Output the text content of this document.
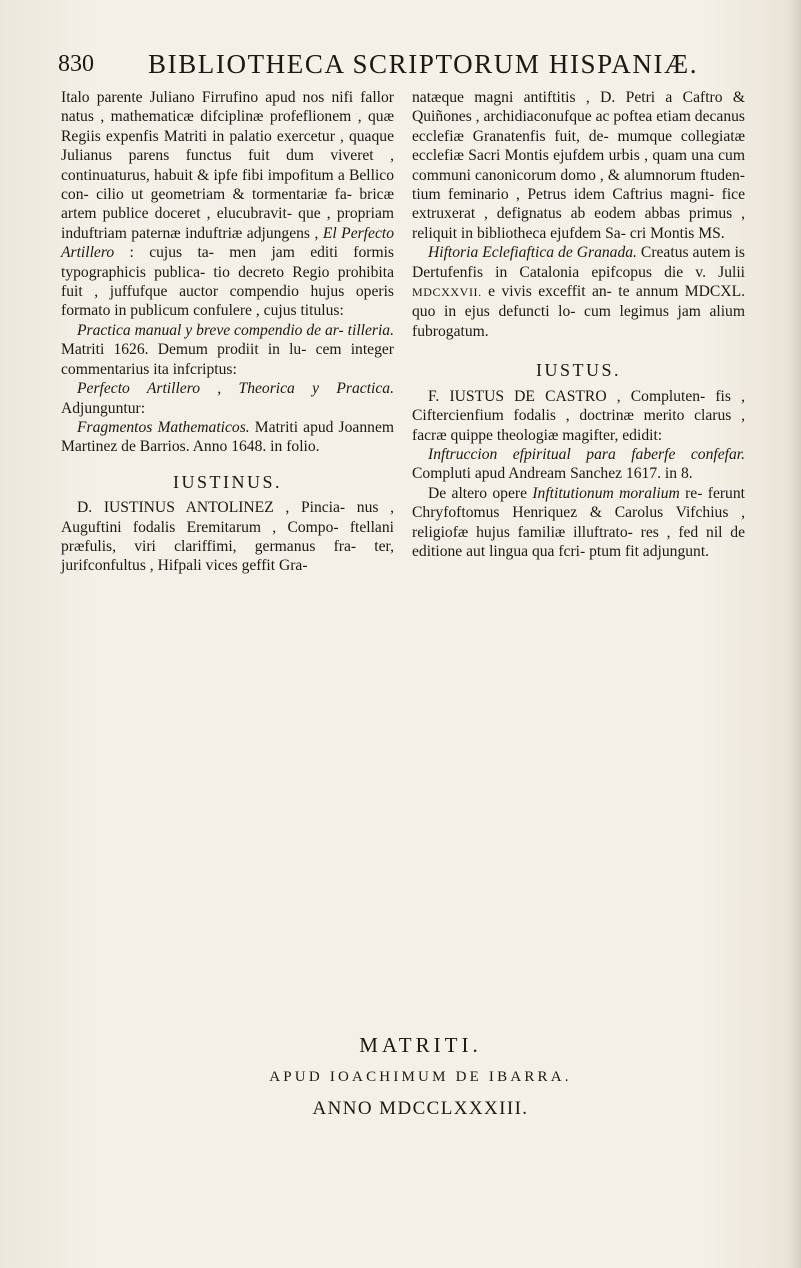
830 BIBLIOTHECA SCRIPTORUM HISPANIÆ.

Italo parente Juliano Firrufino apud nos nifi fallor natus , mathematicæ difciplinæ profeflionem , quæ Regiis expenfis Matriti in palatio exercetur , quaque Julianus parens functus fuit dum viveret , continuaturus, habuit & ipfe fibi impofitum a Bellico con- cilio ut geometriam & tormentariæ fa- bricæ artem publice doceret , elucubravit- que , propriam induftriam paternæ induftriæ adjungens , El Perfecto Artillero : cujus ta- men jam editi formis typographicis publica- tio decreto Regio prohibita fuit , juffufque auctor compendio hujus operis formato in publicum confulere , cujus titulus:

Practica manual y breve compendio de ar- tilleria. Matriti 1626. Demum prodiit in lu- cem integer commentarius ita infcriptus:

Perfecto Artillero , Theorica y Practica. Adjunguntur:

Fragmentos Mathematicos. Matriti apud Joannem Martinez de Barrios. Anno 1648. in folio.

IUSTINUS.

D. IUSTINUS ANTOLINEZ , Pincia- nus , Auguftini fodalis Eremitarum , Compo- ftellani præfulis, viri clariffimi, germanus fra- ter, jurifconfultus , Hifpali vices geffit Gra-

natæque magni antiftitis , D. Petri a Caftro & Quiñones , archidiaconufque ac poftea etiam decanus ecclefiæ Granatenfis fuit, de- mumque collegiatæ ecclefiæ Sacri Montis ejufdem urbis , quam una cum communi canonicorum domo , & alumnorum ftuden- tium feminario , Petrus idem Caftrius magni- fice extruxerat , defignatus ab eodem abbas primus , reliquit in bibliotheca ejufdem Sa- cri Montis MS.

Hiftoria Eclefiaftica de Granada. Creatus autem is Dertufenfis in Catalonia epifcopus die v. Julii MDCXXVII. e vivis exceffit an- te annum MDCXL. quo in ejus defuncti lo- cum legimus jam alium fubrogatum.

IUSTUS.

F. IUSTUS DE CASTRO , Compluten- fis , Ciftercienfium fodalis , doctrinæ merito clarus , facræ quippe theologiæ magifter, edidit:

Inftruccion efpiritual para faberfe confefar. Compluti apud Andream Sanchez 1617. in 8.

De altero opere Inftitutionum moralium re- ferunt Chryfoftomus Henriquez & Carolus Vifchius , religiofæ hujus familiæ illuftrato- res , fed nil de editione aut lingua qua fcri- ptum fit adjungunt.

MATRITI.
APUD IOACHIMUM DE IBARRA.
ANNO MDCCLXXXIII.
